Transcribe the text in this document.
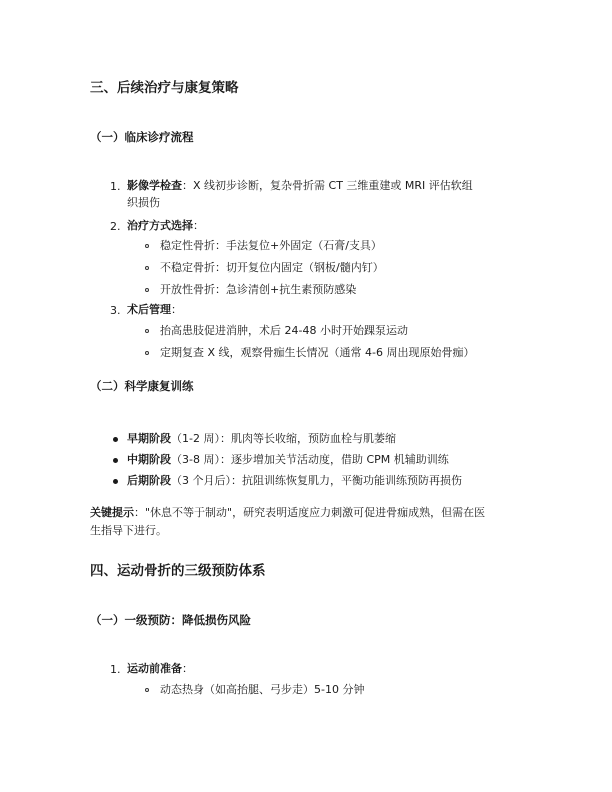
三、后续治疗与康复策略
（一）临床诊疗流程
1. 影像学检查：X 线初步诊断，复杂骨折需 CT 三维重建或 MRI 评估软组
织损伤
2. 治疗方式选择：
稳定性骨折：手法复位+外固定（石膏/支具）
不稳定骨折：切开复位内固定（钢板/髓内钉）
开放性骨折：急诊清创+抗生素预防感染
3. 术后管理：
抬高患肢促进消肿，术后 24-48 小时开始踝泵运动
定期复查 X 线，观察骨痂生长情况（通常 4-6 周出现原始骨痂）
（二）科学康复训练
早期阶段（1-2 周）：肌肉等长收缩，预防血栓与肌萎缩
中期阶段（3-8 周）：逐步增加关节活动度，借助 CPM 机辅助训练
后期阶段（3 个月后）：抗阻训练恢复肌力，平衡功能训练预防再损伤
关键提示："休息不等于制动"，研究表明适度应力刺激可促进骨痂成熟，但需在医
生指导下进行。
四、运动骨折的三级预防体系
（一）一级预防：降低损伤风险
1. 运动前准备：
动态热身（如高抬腿、弓步走）5-10 分钟
